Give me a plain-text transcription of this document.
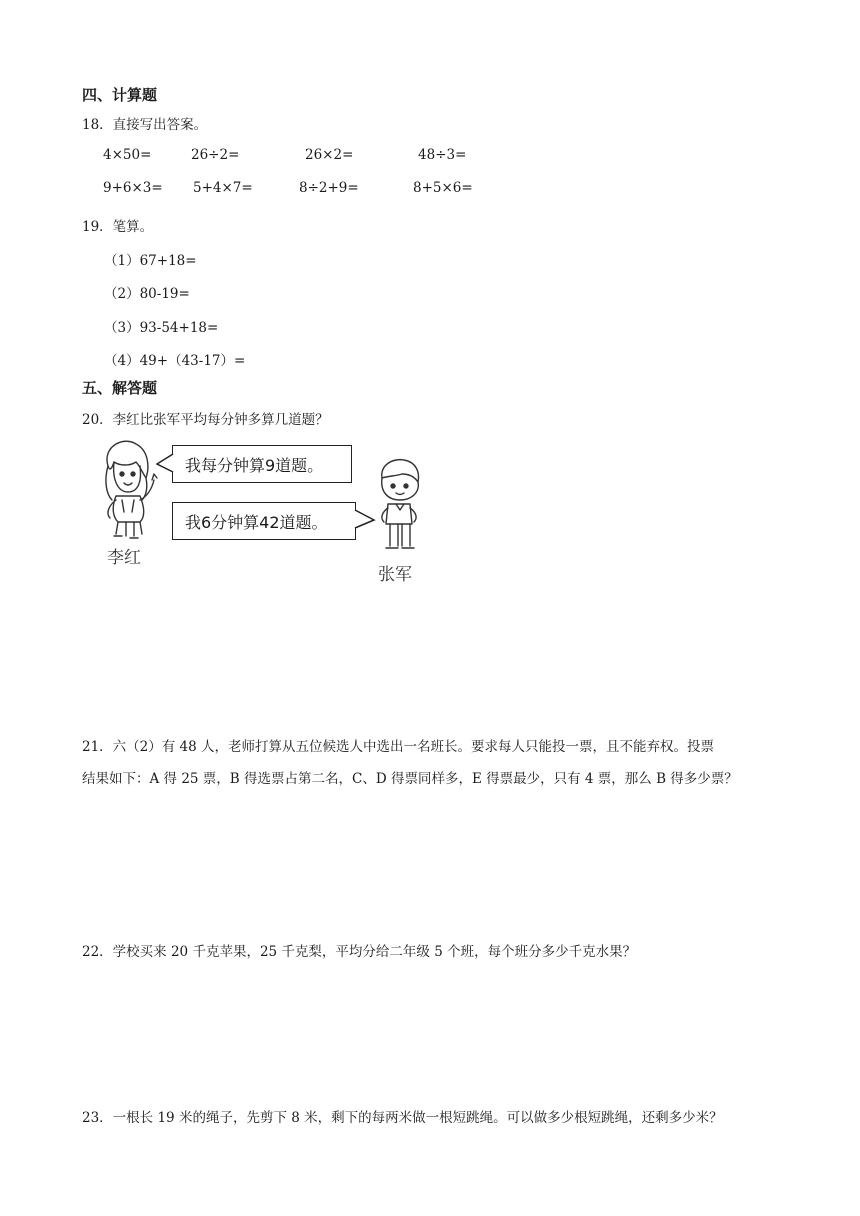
四、计算题
18．直接写出答案。
4×50=	26÷2=	26×2=	48÷3=
9+6×3= 5+4×7=	8÷2+9=	8+5×6=
19．笔算。
（1）67+18=
（2）80-19=
（3）93-54+18=
（4）49+（43-17）=
五、解答题
20．李红比张军平均每分钟多算几道题？
我每分钟算9道题。
我6分钟算42道题。
李红
张军
21．六（2）有 48 人，老师打算从五位候选人中选出一名班长。要求每人只能投一票，且不能弃权。投票
结果如下：A 得 25 票，B 得选票占第二名，C、D 得票同样多，E 得票最少，只有 4 票，那么 B 得多少票？
22．学校买来 20 千克苹果，25 千克梨，平均分给二年级 5 个班，每个班分多少千克水果？
23．一根长 19 米的绳子，先剪下 8 米，剩下的每两米做一根短跳绳。可以做多少根短跳绳，还剩多少米？
